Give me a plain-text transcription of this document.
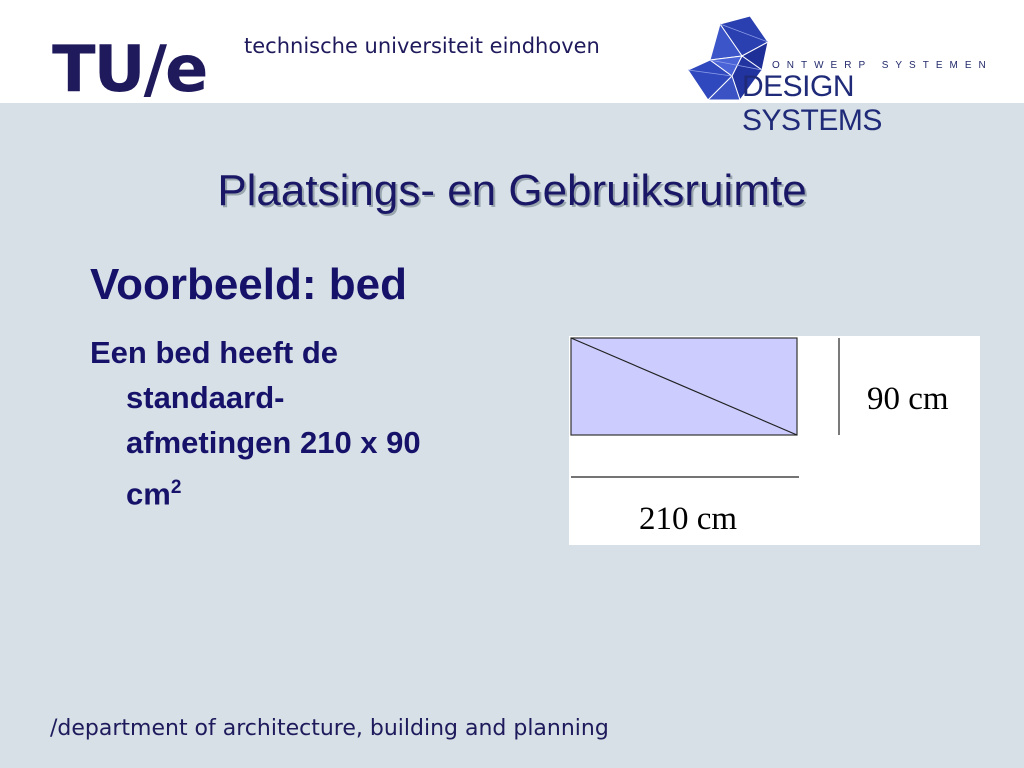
TU/e technische universiteit eindhoven
ONTWERP SYSTEMEN
DESIGN SYSTEMS
Plaatsings- en Gebruiksruimte
Voorbeeld: bed
Een bed heeft de
standaard-
afmetingen 210 x 90
$cm^2$
90 cm
210 cm
/department of architecture, building and planning
